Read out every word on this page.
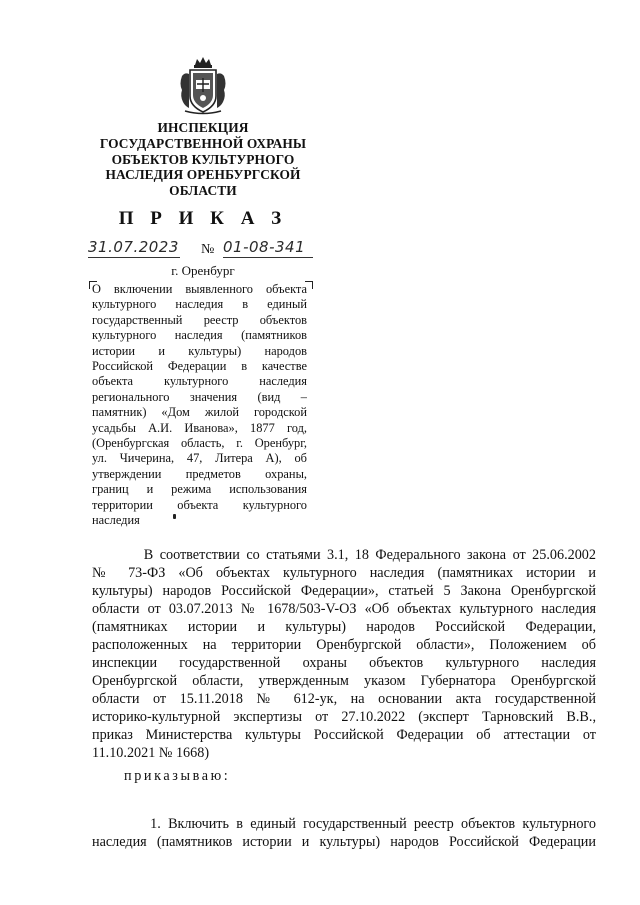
ИНСПЕКЦИЯ
ГОСУДАРСТВЕННОЙ ОХРАНЫ
ОБЪЕКТОВ КУЛЬТУРНОГО
НАСЛЕДИЯ ОРЕНБУРГСКОЙ
ОБЛАСТИ
П Р И К А З
31.07.2023 № 01-08-341
г. Оренбург
О включении выявленного объекта
культурного наследия в единый
государственный реестр объектов
культурного наследия (памятников
истории и культуры) народов
Российской Федерации в качестве
объекта культурного наследия
регионального значения (вид –
памятник) «Дом жилой городской
усадьбы А.И. Иванова», 1877 год,
(Оренбургская область, г. Оренбург,
ул. Чичерина, 47, Литера А), об
утверждении предметов охраны,
границ и режима использования
территории объекта культурного
наследия
В соответствии со статьями 3.1, 18 Федерального закона от 25.06.2002
№ 73-ФЗ «Об объектах культурного наследия (памятниках истории и
культуры) народов Российской Федерации», статьей 5 Закона Оренбургской
области от 03.07.2013 № 1678/503-V-ОЗ «Об объектах культурного наследия
(памятниках истории и культуры) народов Российской Федерации,
расположенных на территории Оренбургской области», Положением об
инспекции государственной охраны объектов культурного наследия
Оренбургской области, утвержденным указом Губернатора Оренбургской
области от 15.11.2018 № 612-ук, на основании акта государственной
историко-культурной экспертизы от 27.10.2022 (эксперт Тарновский В.В.,
приказ Министерства культуры Российской Федерации об аттестации от
11.10.2021 № 1668)
приказываю:
1. Включить в единый государственный реестр объектов культурного
наследия (памятников истории и культуры) народов Российской Федерации
